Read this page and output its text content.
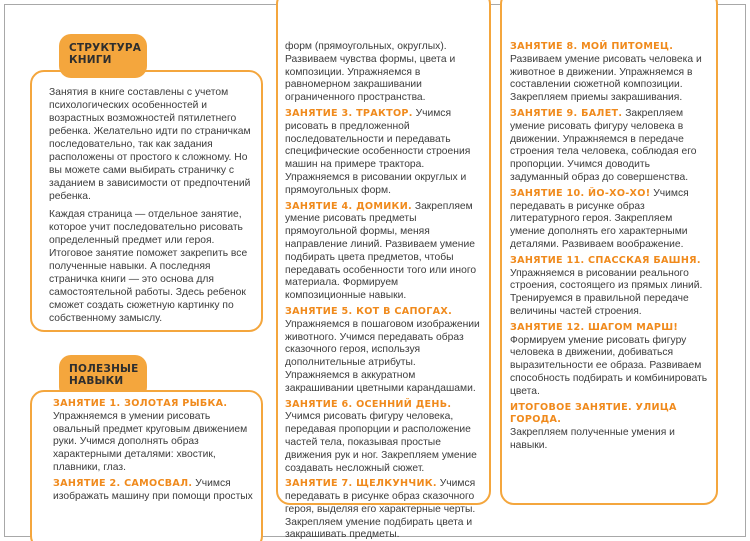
Занятия в книге составлены с учетом психологических особенностей и возрастных возможностей пятилетнего ребенка. Желательно идти по страничкам последовательно, так как задания расположены от простого к сложному. Но вы можете сами выбирать страничку с заданием в зависимости от предпочтений ребенка.

Каждая страница — отдельное занятие, которое учит последовательно рисовать определенный предмет или героя. Итоговое занятие поможет закрепить все полученные навыки. А последняя страничка книги — это основа для самостоятельной работы. Здесь ребенок сможет создать сюжетную картинку по собственному замыслу.

СТРУКТУРА
КНИГИ
ПОЛЕЗНЫЕ
НАВЫКИ
ЗАНЯТИЕ 1. ЗОЛОТАЯ РЫБКА. Упражняемся в умении рисовать овальный предмет круговым движением руки. Учимся дополнять образ характерными деталями: хвостик, плавники, глаз.
ЗАНЯТИЕ 2. САМОСВАЛ. Учимся изображать машину при помощи простых
форм (прямоугольных, округлых). Развиваем чувства формы, цвета и композиции. Упражняемся в равномерном закрашивании ограниченного пространства.
ЗАНЯТИЕ 3. ТРАКТОР. Учимся рисовать в предложенной последовательности и передавать специфические особенности строения машин на примере трактора. Упражняемся в рисовании округлых и прямоугольных форм.
ЗАНЯТИЕ 4. ДОМИКИ. Закрепляем умение рисовать предметы прямоугольной формы, меняя направление линий. Развиваем умение подбирать цвета предметов, чтобы передавать особенности того или иного материала. Формируем композиционные навыки.
ЗАНЯТИЕ 5. КОТ В САПОГАХ. Упражняемся в пошаговом изображении животного. Учимся передавать образ сказочного героя, используя дополнительные атрибуты. Упражняемся в аккуратном закрашивании цветными карандашами.
ЗАНЯТИЕ 6. ОСЕННИЙ ДЕНЬ. Учимся рисовать фигуру человека, передавая пропорции и расположение частей тела, показывая простые движения рук и ног. Закрепляем умение создавать несложный сюжет.
ЗАНЯТИЕ 7. ЩЕЛКУНЧИК. Учимся передавать в рисунке образ сказочного героя, выделяя его характерные черты. Закрепляем умение подбирать цвета и закрашивать предметы.
ЗАНЯТИЕ 8. МОЙ ПИТОМЕЦ. Развиваем умение рисовать человека и животное в движении. Упражняемся в составлении сюжетной композиции. Закрепляем приемы закрашивания.
ЗАНЯТИЕ 9. БАЛЕТ. Закрепляем умение рисовать фигуру человека в движении. Упражняемся в передаче строения тела человека, соблюдая его пропорции. Учимся доводить задуманный образ до совершенства.
ЗАНЯТИЕ 10. ЙО-ХО-ХО! Учимся передавать в рисунке образ литературного героя. Закрепляем умение дополнять его характерными деталями. Развиваем воображение.
ЗАНЯТИЕ 11. СПАССКАЯ БАШНЯ. Упражняемся в рисовании реального строения, состоящего из прямых линий. Тренируемся в правильной передаче величины частей строения.
ЗАНЯТИЕ 12. ШАГОМ МАРШ! Формируем умение рисовать фигуру человека в движении, добиваться выразительности ее образа. Развиваем способность подбирать и комбинировать цвета.
ИТОГОВОЕ ЗАНЯТИЕ. УЛИЦА ГОРОДА.
Закрепляем полученные умения и навыки.
